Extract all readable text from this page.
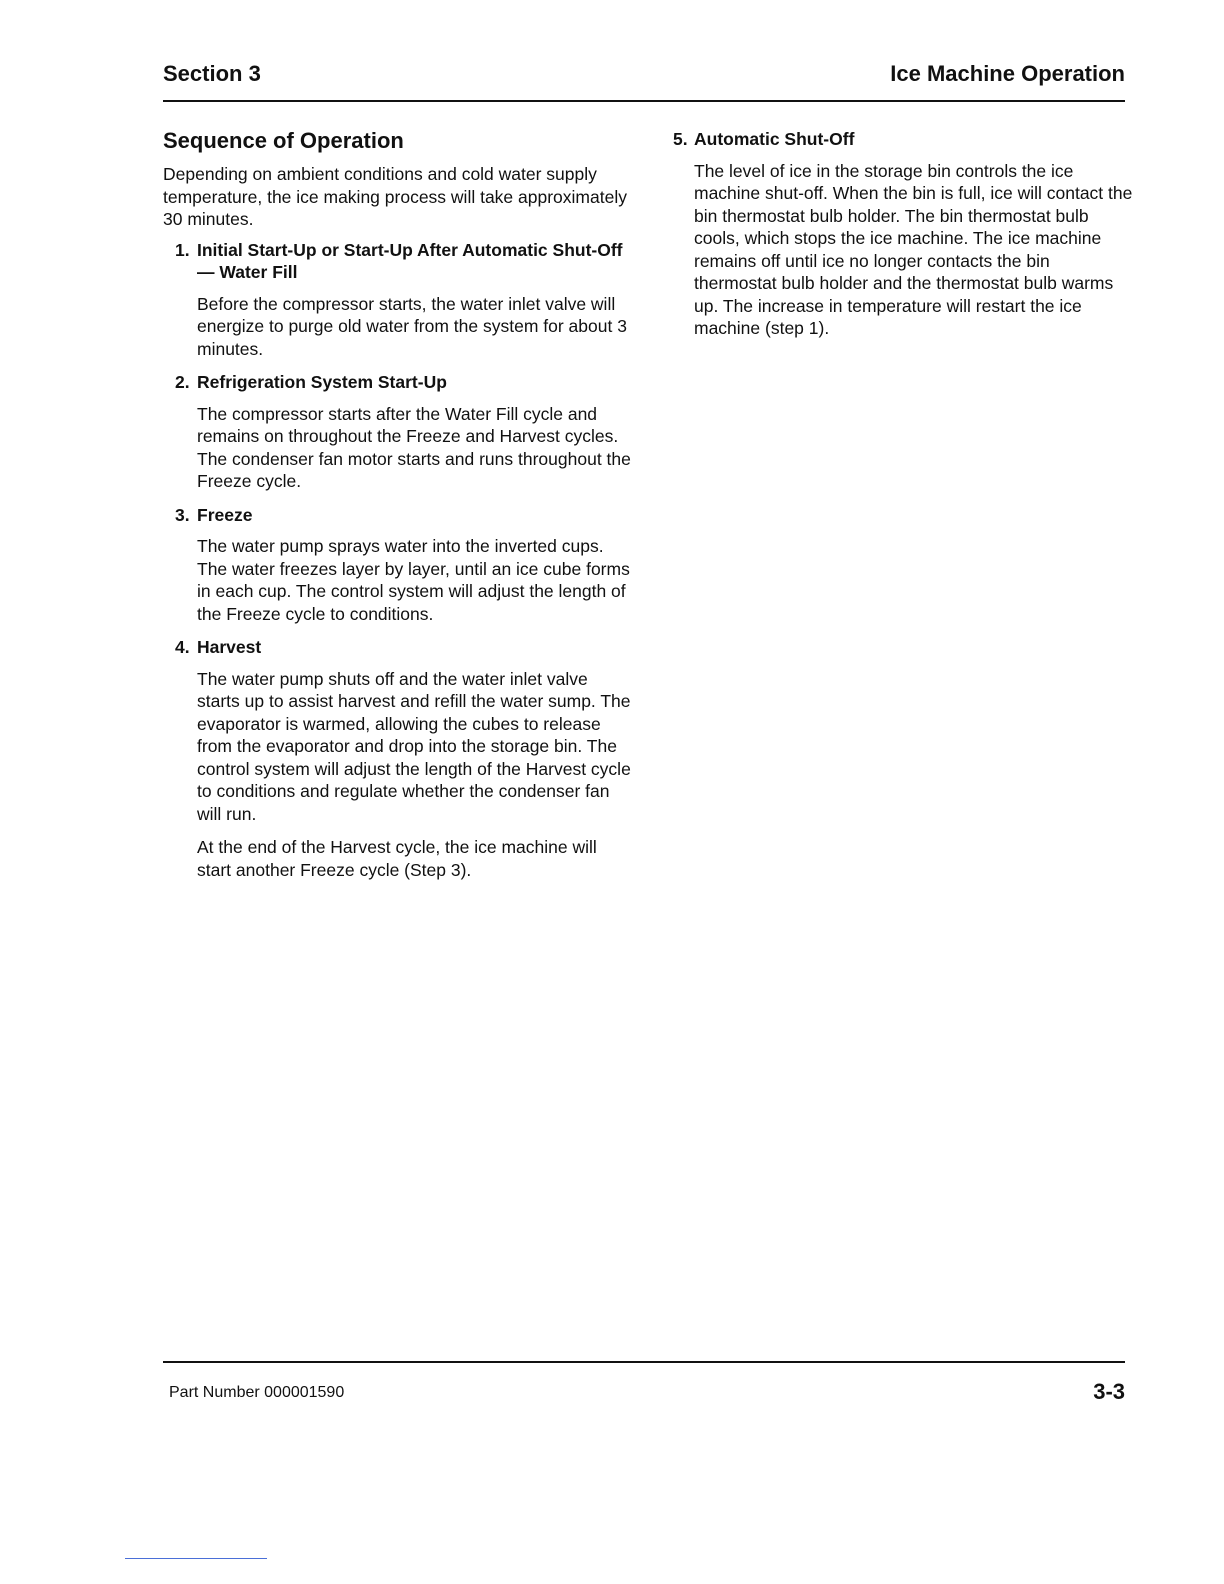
Section 3	Ice Machine Operation
Sequence of Operation

Depending on ambient conditions and cold water supply temperature, the ice making process will take approximately 30 minutes.

1. Initial Start-Up or Start-Up After Automatic Shut-Off — Water Fill

Before the compressor starts, the water inlet valve will energize to purge old water from the system for about 3 minutes.

2. Refrigeration System Start-Up

The compressor starts after the Water Fill cycle and remains on throughout the Freeze and Harvest cycles. The condenser fan motor starts and runs throughout the Freeze cycle.

3. Freeze

The water pump sprays water into the inverted cups. The water freezes layer by layer, until an ice cube forms in each cup. The control system will adjust the length of the Freeze cycle to conditions.

4. Harvest

The water pump shuts off and the water inlet valve starts up to assist harvest and refill the water sump. The evaporator is warmed, allowing the cubes to release from the evaporator and drop into the storage bin. The control system will adjust the length of the Harvest cycle to conditions and regulate whether the condenser fan will run.

At the end of the Harvest cycle, the ice machine will start another Freeze cycle (Step 3).

5. Automatic Shut-Off

The level of ice in the storage bin controls the ice machine shut-off. When the bin is full, ice will contact the bin thermostat bulb holder. The bin thermostat bulb cools, which stops the ice machine. The ice machine remains off until ice no longer contacts the bin thermostat bulb holder and the thermostat bulb warms up. The increase in temperature will restart the ice machine (step 1).

Part Number 000001590	3-3
